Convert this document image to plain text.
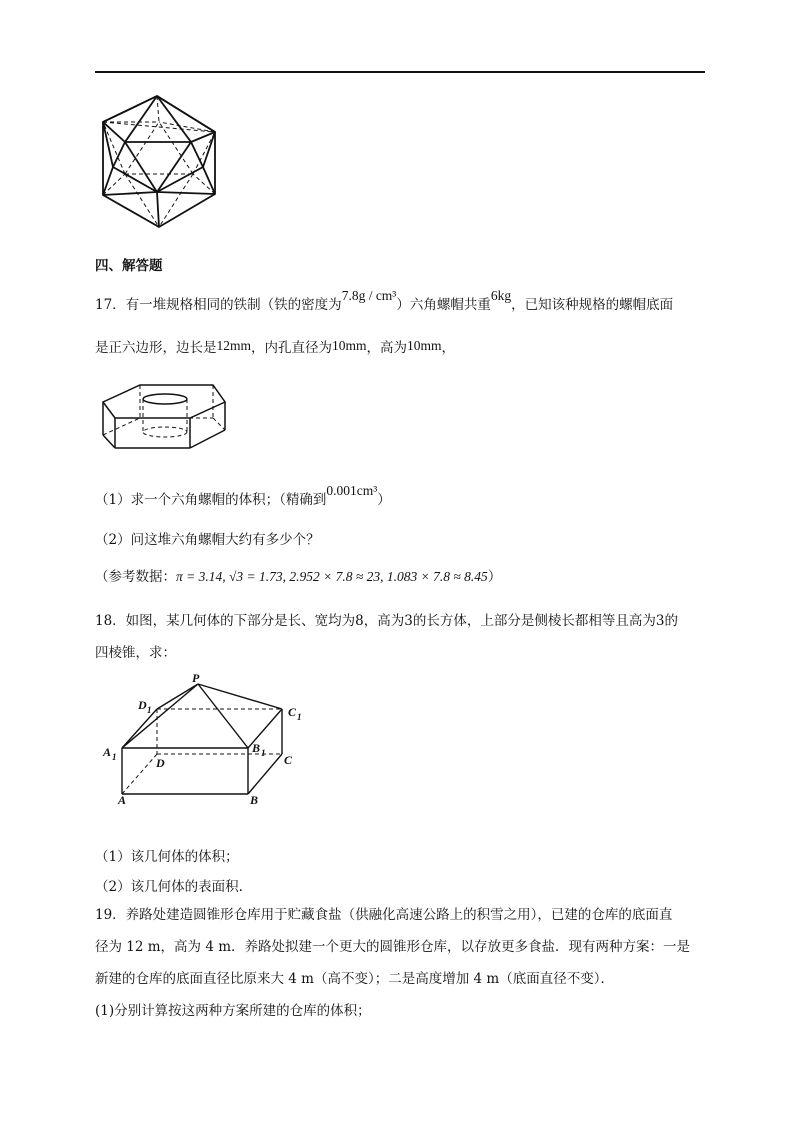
四、解答题
17．有一堆规格相同的铁制（铁的密度为7.8g / cm³）六角螺帽共重6kg，已知该种规格的螺帽底面
是正六边形，边长是12mm，内孔直径为10mm，高为10mm，
（1）求一个六角螺帽的体积；（精确到0.001cm³）
（2）问这堆六角螺帽大约有多少个？
（参考数据：π = 3.14, √3 = 1.73, 2.952 × 7.8 ≈ 23, 1.083 × 7.8 ≈ 8.45）
18．如图，某几何体的下部分是长、宽均为8，高为3的长方体，上部分是侧棱长都相等且高为3的
四棱锥，求：
P
D 1	C 1
A 1
B 1
D	C
A	B
（1）该几何体的体积；
（2）该几何体的表面积.
19．养路处建造圆锥形仓库用于贮藏食盐（供融化高速公路上的积雪之用），已建的仓库的底面直
径为 12 m，高为 4 m．养路处拟建一个更大的圆锥形仓库，以存放更多食盐．现有两种方案：一是
新建的仓库的底面直径比原来大 4 m（高不变）；二是高度增加 4 m（底面直径不变）．
(1)分别计算按这两种方案所建的仓库的体积；
